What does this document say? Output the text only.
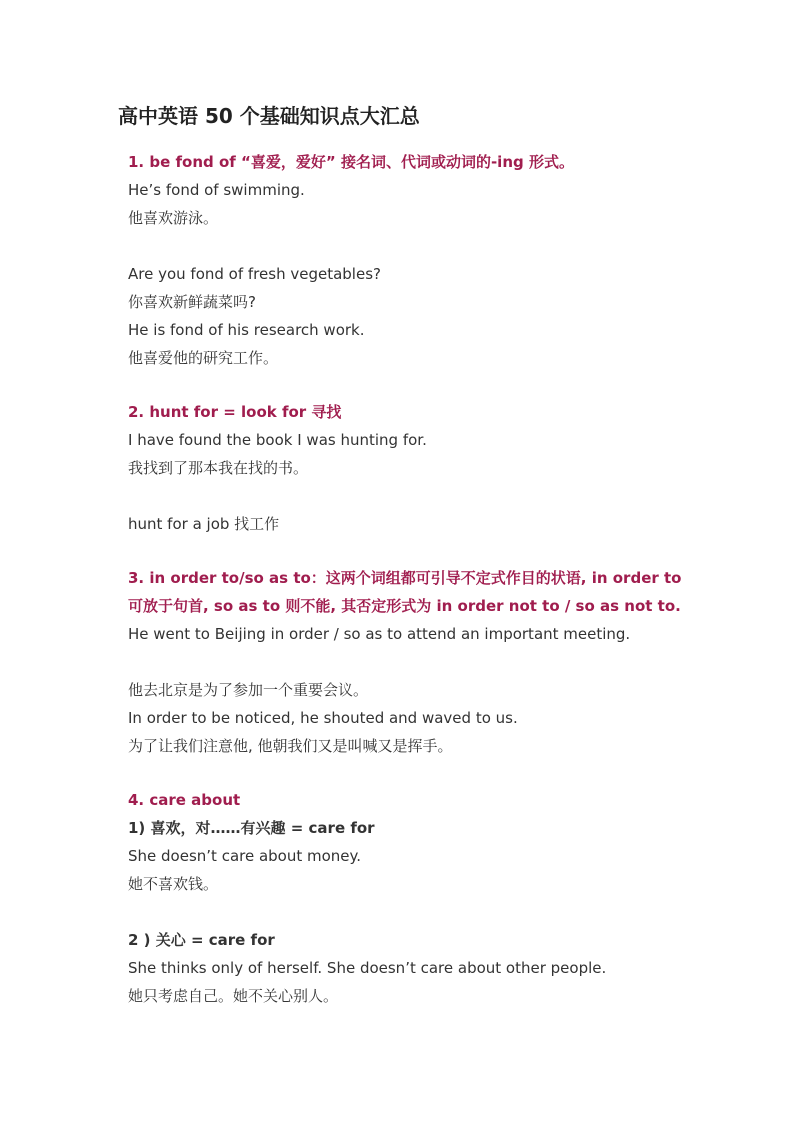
高中英语 50 个基础知识点大汇总
1. be fond of “喜爱，爱好” 接名词、代词或动词的-ing 形式。
He’s fond of swimming.
他喜欢游泳。
Are you fond of fresh vegetables?
你喜欢新鲜蔬菜吗?
He is fond of his research work.
他喜爱他的研究工作。
2. hunt for = look for 寻找
I have found the book I was hunting for.
我找到了那本我在找的书。
hunt for a job 找工作
3. in order to/so as to：这两个词组都可引导不定式作目的状语, in order to
可放于句首, so as to 则不能, 其否定形式为 in order not to / so as not to.
He went to Beijing in order / so as to attend an important meeting.
他去北京是为了参加一个重要会议。
In order to be noticed, he shouted and waved to us.
为了让我们注意他, 他朝我们又是叫喊又是挥手。
4. care about
1) 喜欢，对……有兴趣 = care for
She doesn’t care about money.
她不喜欢钱。
2 ) 关心 = care for
She thinks only of herself. She doesn’t care about other people.
她只考虑自己。她不关心别人。
